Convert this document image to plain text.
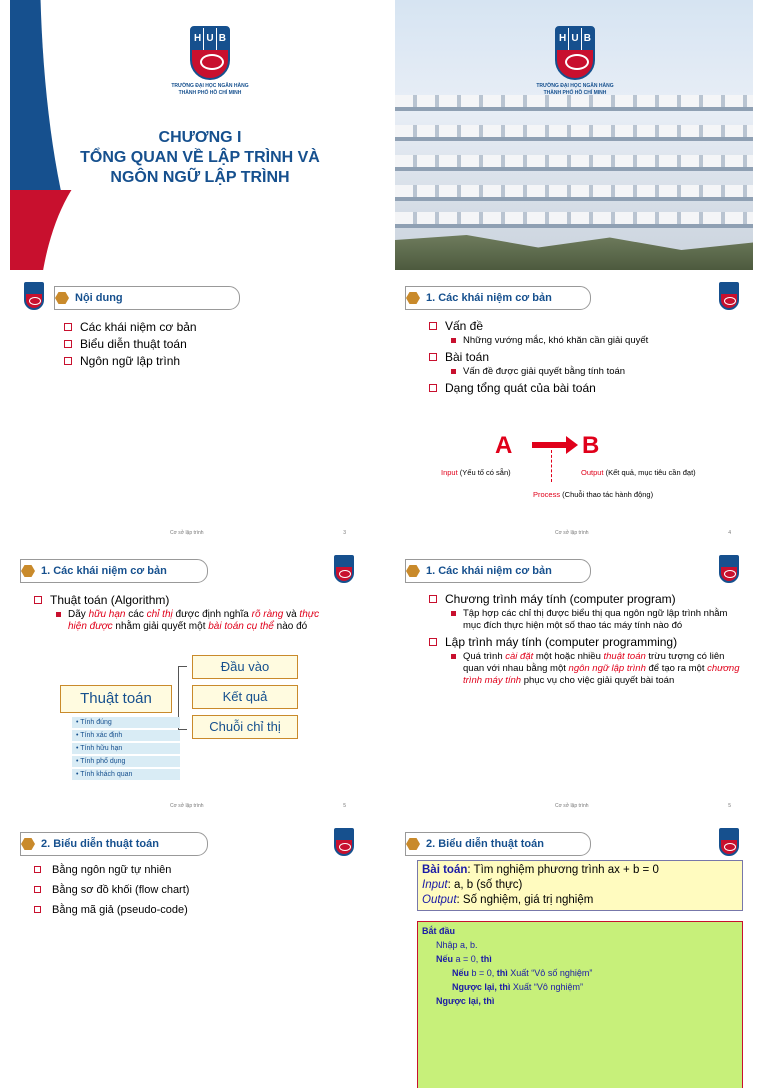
H U B
TRƯỜNG ĐẠI HỌC NGÂN HÀNG
THÀNH PHỐ HỒ CHÍ MINH
CHƯƠNG I
TỔNG QUAN VỀ LẬP TRÌNH VÀ
NGÔN NGỮ LẬP TRÌNH
H U B
TRƯỜNG ĐẠI HỌC NGÂN HÀNG
THÀNH PHỐ HỒ CHÍ MINH
Nội dung
Các khái niệm cơ bản
Biểu diễn thuật toán
Ngôn ngữ lập trình
Cơ sở lập trình	3
1. Các khái niệm cơ bản
Vấn đề
Những vướng mắc, khó khăn cần giải quyết
Bài toán
Vấn đề được giải quyết bằng tính toán
Dạng tổng quát của bài toán
A	B
Input (Yếu tố có sẵn)	Output (Kết quả, mục tiêu cần đạt)
Process (Chuỗi thao tác hành động)
Cơ sở lập trình	4
1. Các khái niệm cơ bản
Thuật toán (Algorithm)
Dãy hữu hạn các chỉ thị được định nghĩa rõ ràng và thực hiện được nhằm giải quyết một bài toán cụ thể nào đó
Thuật toán
Đầu vào
Kết quả
Chuỗi chỉ thị
• Tính đúng
• Tính xác định
• Tính hữu hạn
• Tính phổ dụng
• Tính khách quan
Cơ sở lập trình	5
1. Các khái niệm cơ bản
Chương trình máy tính (computer program)
Tập hợp các chỉ thị được biểu thị qua ngôn ngữ lập trình nhằm mục đích thực hiện một số thao tác máy tính nào đó
Lập trình máy tính (computer programming)
Quá trình cài đặt một hoặc nhiều thuật toán trừu tượng có liên quan với nhau bằng một ngôn ngữ lập trình để tạo ra một chương trình máy tính phục vụ cho việc giải quyết bài toán
Cơ sở lập trình	5
2. Biểu diễn thuật toán
Bằng ngôn ngữ tự nhiên
Bằng sơ đồ khối (flow chart)
Bằng mã giả (pseudo-code)
2. Biểu diễn thuật toán
Bài toán: Tìm nghiệm phương trình ax + b = 0
Input: a, b (số thực)
Output: Số nghiệm, giá trị nghiệm
Bắt đầu
Nhập a, b.
Nếu a = 0, thì
Nếu b = 0, thì Xuất “Vô số nghiệm”
Ngược lại, thì Xuất “Vô nghiệm”
Ngược lại, thì
